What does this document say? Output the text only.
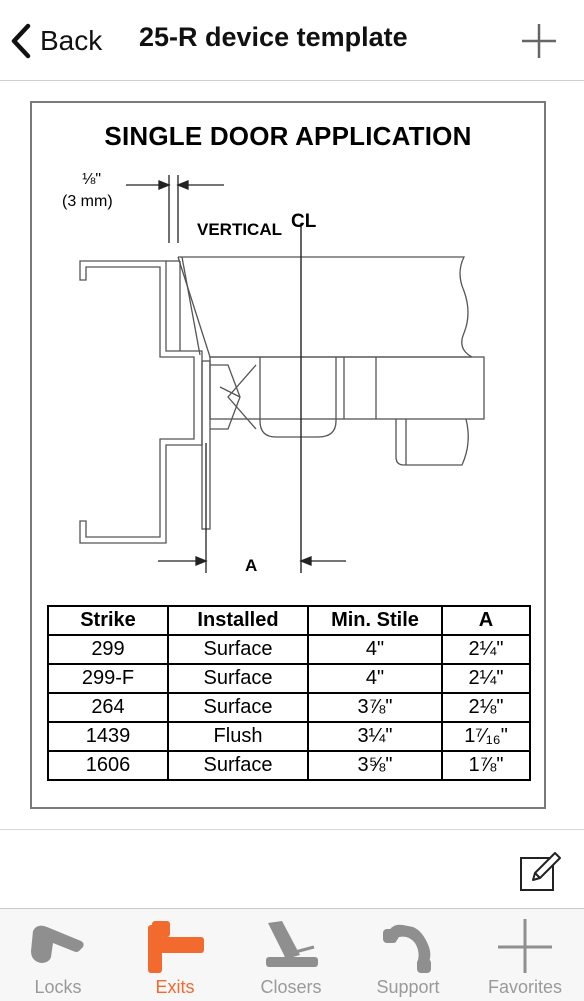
Back 25-R device template
SINGLE DOOR APPLICATION
⅛"
(3 mm)
VERTICAL CL
A
Strike	Installed	Min. Stile	A
299	Surface	4"	2¼"
299-F	Surface	4"	2¼"
264	Surface	3⅞"	2⅛"
1439	Flush	3¼"	1⁷⁄₁₆"
1606	Surface	3⅝"	1⅞"
Locks	Exits	Closers	Support	Favorites
